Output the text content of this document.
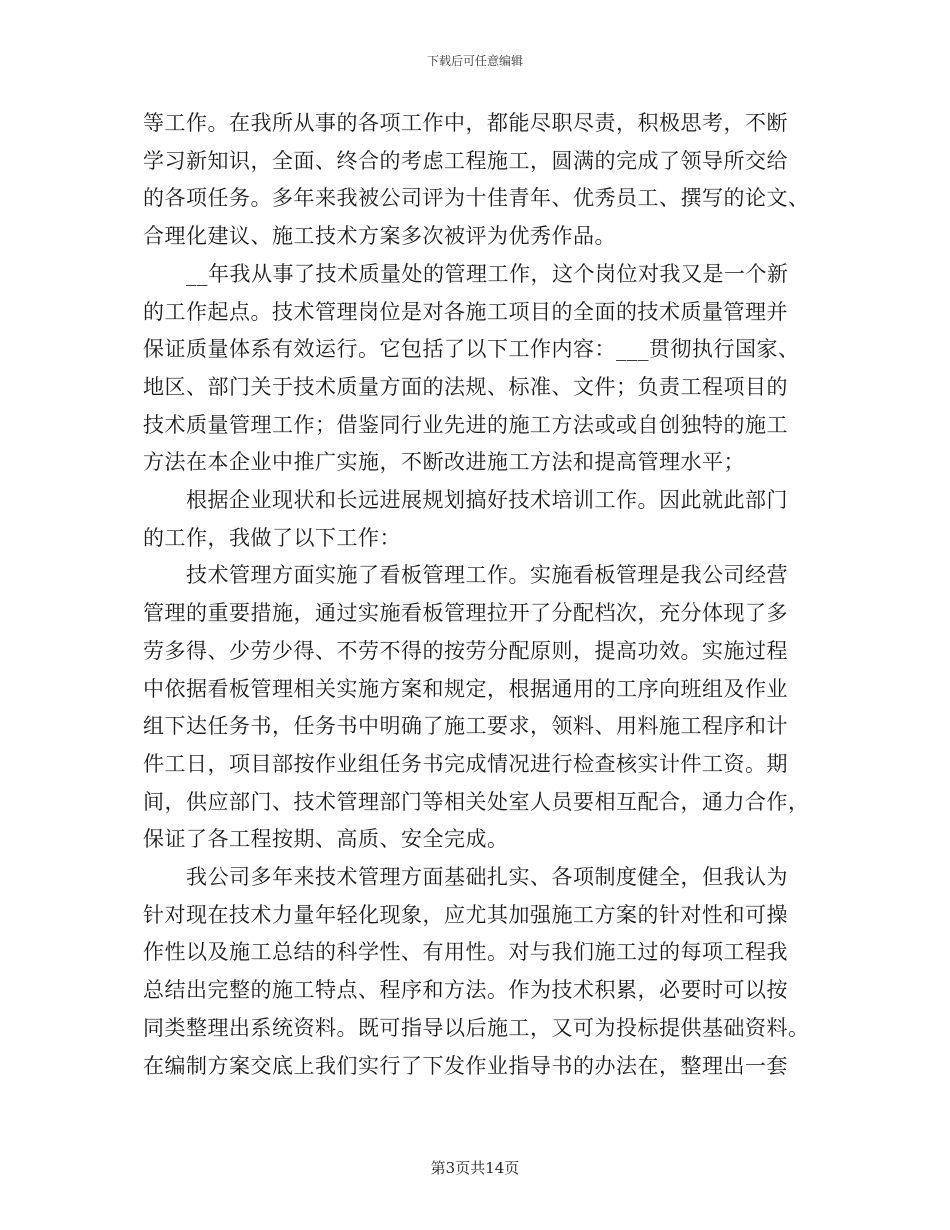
下载后可任意编辑
等工作。在我所从事的各项工作中，都能尽职尽责，积极思考，不断
学习新知识，全面、终合的考虑工程施工，圆满的完成了领导所交给
的各项任务。多年来我被公司评为十佳青年、优秀员工、撰写的论文、
合理化建议、施工技术方案多次被评为优秀作品。
　　__年我从事了技术质量处的管理工作，这个岗位对我又是一个新
的工作起点。技术管理岗位是对各施工项目的全面的技术质量管理并
保证质量体系有效运行。它包括了以下工作内容：___贯彻执行国家、
地区、部门关于技术质量方面的法规、标准、文件；负责工程项目的
技术质量管理工作；借鉴同行业先进的施工方法或或自创独特的施工
方法在本企业中推广实施，不断改进施工方法和提高管理水平；
　　根据企业现状和长远进展规划搞好技术培训工作。因此就此部门
的工作，我做了以下工作：
　　技术管理方面实施了看板管理工作。实施看板管理是我公司经营
管理的重要措施，通过实施看板管理拉开了分配档次，充分体现了多
劳多得、少劳少得、不劳不得的按劳分配原则，提高功效。实施过程
中依据看板管理相关实施方案和规定，根据通用的工序向班组及作业
组下达任务书，任务书中明确了施工要求，领料、用料施工程序和计
件工日，项目部按作业组任务书完成情况进行检查核实计件工资。期
间，供应部门、技术管理部门等相关处室人员要相互配合，通力合作，
保证了各工程按期、高质、安全完成。
　　我公司多年来技术管理方面基础扎实、各项制度健全，但我认为
针对现在技术力量年轻化现象，应尤其加强施工方案的针对性和可操
作性以及施工总结的科学性、有用性。对与我们施工过的每项工程我
总结出完整的施工特点、程序和方法。作为技术积累，必要时可以按
同类整理出系统资料。既可指导以后施工，又可为投标提供基础资料。
在编制方案交底上我们实行了下发作业指导书的办法在，整理出一套
第3页共14页
